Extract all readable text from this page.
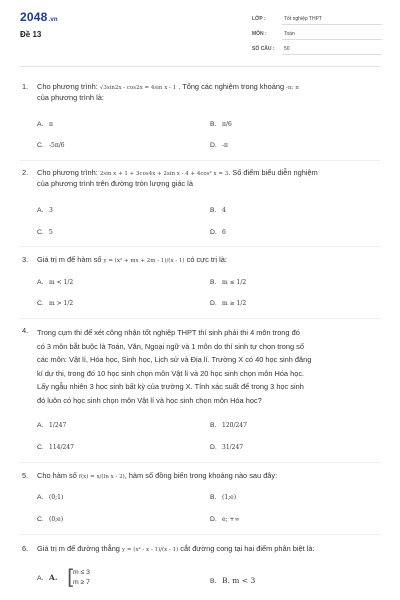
2048.vn
Đề 13
LỚP :	Tốt nghiệp THPT
MÔN :	Toán
SỐ CÂU : 50
1.	Cho phương trình: √3sin2x - cos2x = 4sin x - 1 . Tổng các nghiệm trong khoảng -π; π
của phương trình là:
A. π	B. π/6
C. -5π/6	D. -π
2.	Cho phương trình: 2sin x + 1 + 3cos4x + 2sin x - 4 + 4cos² x = 3. Số điểm biểu diễn nghiệm
của phương trình trên đường tròn lượng giác là
A. 3	B. 4
C. 5	D. 6
3.	Giá trị m để hàm số y = (x² + mx + 2m - 1)/(x - 1) có cực trị là:
A. m < 1/2	B. m ≤ 1/2
C. m > 1/2	D. m ≥ 1/2
4.	Trong cụm thi để xét công nhận tốt nghiệp THPT thí sinh phải thi 4 môn trong đó
có 3 môn bắt buộc là Toán, Văn, Ngoại ngữ và 1 môn do thí sinh tự chọn trong số
các môn: Vật lí, Hóa học, Sinh học, Lịch sử và Địa lí. Trường X có 40 học sinh đăng
kí dự thi, trong đó 10 học sinh chọn môn Vật lí và 20 học sinh chọn môn Hóa học.
Lấy ngẫu nhiên 3 học sinh bất kỳ của trường X. Tính xác suất để trong 3 học sinh
đó luôn có học sinh chọn môn Vật lí và học sinh chọn môn Hóa học?
A. 1/247	B. 120/247
C. 114/247	D. 31/247
5.	Cho hàm số f(x) = x/(ln x - 2), hàm số đồng biến trong khoảng nào sau đây:
A. (0;1)	B. (1;e)
C. (0;e)	D. e; +∞
6.	Giá trị m để đường thẳng y = (x² - x - 1)/(x - 1) cắt đường cong tại hai điểm phân biệt là:
A. A. [
m ≤ 3
m ≥ 7	B. B. m < 3
